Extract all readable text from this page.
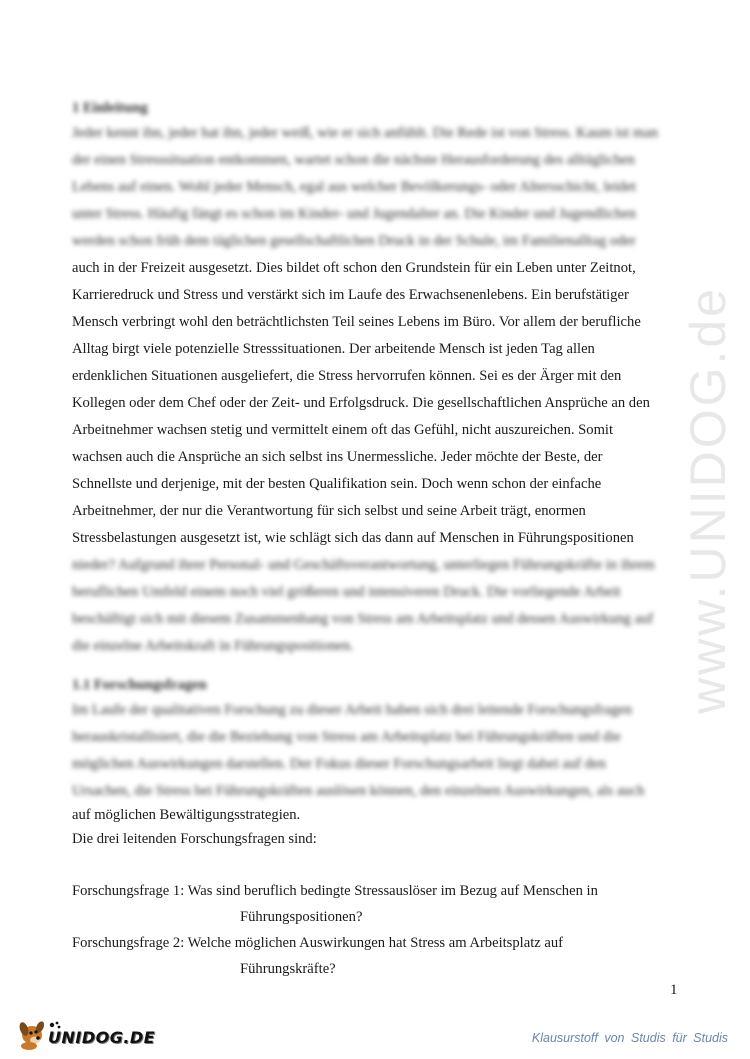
www.UNIDOG.de
1 Einleitung
Jeder kennt ihn, jeder hat ihn, jeder weiß, wie er sich anfühlt. Die Rede ist von Stress. Kaum ist man
der einen Stresssituation entkommen, wartet schon die nächste Herausforderung des alltäglichen
Lebens auf einen. Wohl jeder Mensch, egal aus welcher Bevölkerungs- oder Altersschicht, leidet
unter Stress. Häufig fängt es schon im Kinder- und Jugendalter an. Die Kinder und Jugendlichen
werden schon früh dem täglichen gesellschaftlichen Druck in der Schule, im Familienalltag oder
auch in der Freizeit ausgesetzt. Dies bildet oft schon den Grundstein für ein Leben unter Zeitnot,
Karrieredruck und Stress und verstärkt sich im Laufe des Erwachsenenlebens. Ein berufstätiger
Mensch verbringt wohl den beträchtlichsten Teil seines Lebens im Büro. Vor allem der berufliche
Alltag birgt viele potenzielle Stresssituationen. Der arbeitende Mensch ist jeden Tag allen
erdenklichen Situationen ausgeliefert, die Stress hervorrufen können. Sei es der Ärger mit den
Kollegen oder dem Chef oder der Zeit- und Erfolgsdruck. Die gesellschaftlichen Ansprüche an den
Arbeitnehmer wachsen stetig und vermittelt einem oft das Gefühl, nicht auszureichen. Somit
wachsen auch die Ansprüche an sich selbst ins Unermessliche. Jeder möchte der Beste, der
Schnellste und derjenige, mit der besten Qualifikation sein. Doch wenn schon der einfache
Arbeitnehmer, der nur die Verantwortung für sich selbst und seine Arbeit trägt, enormen
Stressbelastungen ausgesetzt ist, wie schlägt sich das dann auf Menschen in Führungspositionen
nieder? Aufgrund ihrer Personal- und Geschäftsverantwortung, unterliegen Führungskräfte in ihrem
beruflichen Umfeld einem noch viel größeren und intensiveren Druck. Die vorliegende Arbeit
beschäftigt sich mit diesem Zusammenhang von Stress am Arbeitsplatz und dessen Auswirkung auf
die einzelne Arbeitskraft in Führungspositionen.
1.1 Forschungsfragen
Im Laufe der qualitativen Forschung zu dieser Arbeit haben sich drei leitende Forschungsfragen
herauskristallisiert, die die Beziehung von Stress am Arbeitsplatz bei Führungskräften und die
möglichen Auswirkungen darstellen. Der Fokus dieser Forschungsarbeit liegt dabei auf den
Ursachen, die Stress bei Führungskräften auslösen können, den einzelnen Auswirkungen, als auch
auf möglichen Bewältigungsstrategien.
Die drei leitenden Forschungsfragen sind:
Forschungsfrage 1: Was sind beruflich bedingte Stressauslöser im Bezug auf Menschen in
Führungspositionen?
Forschungsfrage 2: Welche möglichen Auswirkungen hat Stress am Arbeitsplatz auf
Führungskräfte?
1
UNIDOG.DE	Klausurstoff von Studis für Studis
